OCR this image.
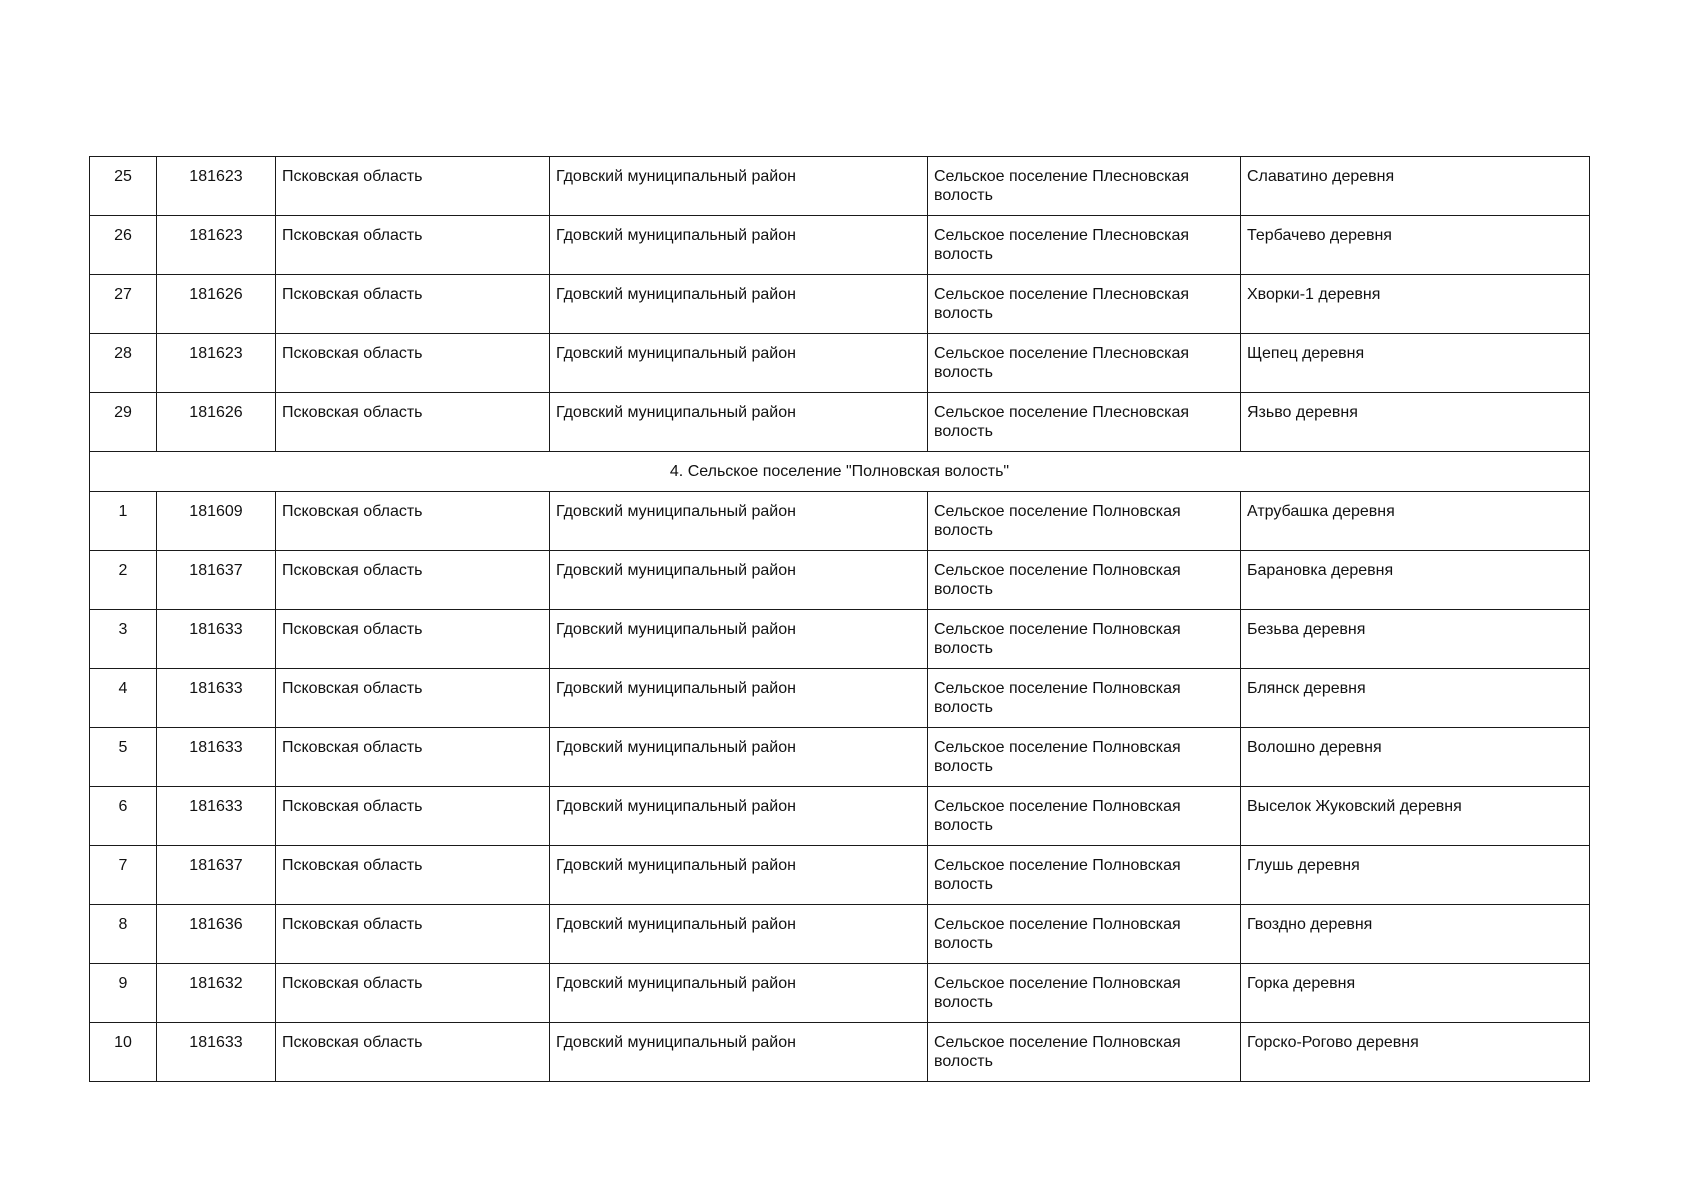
25	181623	Псковская область	Гдовский муниципальный район	Сельское поселение Плесновская волость	Славатино деревня
26	181623	Псковская область	Гдовский муниципальный район	Сельское поселение Плесновская волость	Тербачево деревня
27	181626	Псковская область	Гдовский муниципальный район	Сельское поселение Плесновская волость	Хворки-1 деревня
28	181623	Псковская область	Гдовский муниципальный район	Сельское поселение Плесновская волость	Щепец деревня
29	181626	Псковская область	Гдовский муниципальный район	Сельское поселение Плесновская волость	Язьво деревня
4. Сельское поселение "Полновская волость"					
1	181609	Псковская область	Гдовский муниципальный район	Сельское поселение Полновская волость	Атрубашка деревня
2	181637	Псковская область	Гдовский муниципальный район	Сельское поселение Полновская волость	Барановка деревня
3	181633	Псковская область	Гдовский муниципальный район	Сельское поселение Полновская волость	Безьва деревня
4	181633	Псковская область	Гдовский муниципальный район	Сельское поселение Полновская волость	Блянск деревня
5	181633	Псковская область	Гдовский муниципальный район	Сельское поселение Полновская волость	Волошно деревня
6	181633	Псковская область	Гдовский муниципальный район	Сельское поселение Полновская волость	Выселок Жуковский деревня
7	181637	Псковская область	Гдовский муниципальный район	Сельское поселение Полновская волость	Глушь деревня
8	181636	Псковская область	Гдовский муниципальный район	Сельское поселение Полновская волость	Гвоздно деревня
9	181632	Псковская область	Гдовский муниципальный район	Сельское поселение Полновская волость	Горка деревня
10	181633	Псковская область	Гдовский муниципальный район	Сельское поселение Полновская волость	Горско-Рогово деревня
